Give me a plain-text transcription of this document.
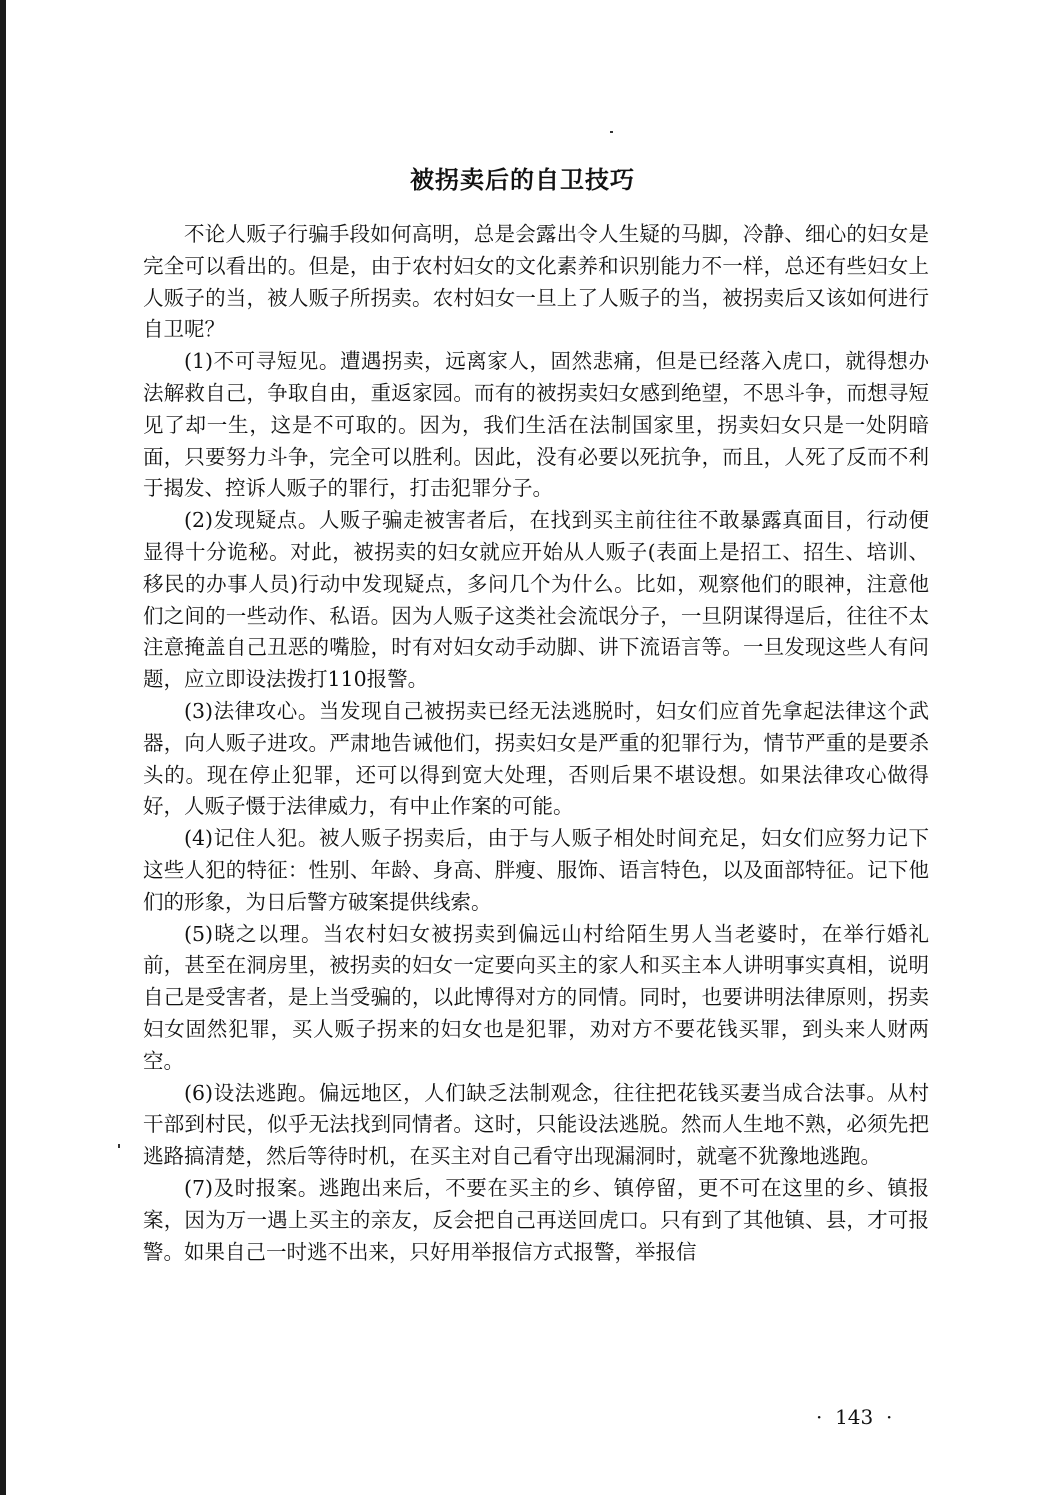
被拐卖后的自卫技巧

不论人贩子行骗手段如何高明，总是会露出令人生疑的马脚，冷静、细心的妇女是完全可以看出的。但是，由于农村妇女的文化素养和识别能力不一样，总还有些妇女上人贩子的当，被人贩子所拐卖。农村妇女一旦上了人贩子的当，被拐卖后又该如何进行自卫呢？

(1)不可寻短见。遭遇拐卖，远离家人，固然悲痛，但是已经落入虎口，就得想办法解救自己，争取自由，重返家园。而有的被拐卖妇女感到绝望，不思斗争，而想寻短见了却一生，这是不可取的。因为，我们生活在法制国家里，拐卖妇女只是一处阴暗面，只要努力斗争，完全可以胜利。因此，没有必要以死抗争，而且，人死了反而不利于揭发、控诉人贩子的罪行，打击犯罪分子。

(2)发现疑点。人贩子骗走被害者后，在找到买主前往往不敢暴露真面目，行动便显得十分诡秘。对此，被拐卖的妇女就应开始从人贩子(表面上是招工、招生、培训、移民的办事人员)行动中发现疑点，多问几个为什么。比如，观察他们的眼神，注意他们之间的一些动作、私语。因为人贩子这类社会流氓分子，一旦阴谋得逞后，往往不太注意掩盖自己丑恶的嘴脸，时有对妇女动手动脚、讲下流语言等。一旦发现这些人有问题，应立即设法拨打110报警。

(3)法律攻心。当发现自己被拐卖已经无法逃脱时，妇女们应首先拿起法律这个武器，向人贩子进攻。严肃地告诫他们，拐卖妇女是严重的犯罪行为，情节严重的是要杀头的。现在停止犯罪，还可以得到宽大处理，否则后果不堪设想。如果法律攻心做得好，人贩子慑于法律威力，有中止作案的可能。

(4)记住人犯。被人贩子拐卖后，由于与人贩子相处时间充足，妇女们应努力记下这些人犯的特征：性别、年龄、身高、胖瘦、服饰、语言特色，以及面部特征。记下他们的形象，为日后警方破案提供线索。

(5)晓之以理。当农村妇女被拐卖到偏远山村给陌生男人当老婆时，在举行婚礼前，甚至在洞房里，被拐卖的妇女一定要向买主的家人和买主本人讲明事实真相，说明自己是受害者，是上当受骗的，以此博得对方的同情。同时，也要讲明法律原则，拐卖妇女固然犯罪，买人贩子拐来的妇女也是犯罪，劝对方不要花钱买罪，到头来人财两空。

(6)设法逃跑。偏远地区，人们缺乏法制观念，往往把花钱买妻当成合法事。从村干部到村民，似乎无法找到同情者。这时，只能设法逃脱。然而人生地不熟，必须先把逃路搞清楚，然后等待时机，在买主对自己看守出现漏洞时，就毫不犹豫地逃跑。

(7)及时报案。逃跑出来后，不要在买主的乡、镇停留，更不可在这里的乡、镇报案，因为万一遇上买主的亲友，反会把自己再送回虎口。只有到了其他镇、县，才可报警。如果自己一时逃不出来，只好用举报信方式报警，举报信

·  143  ·
